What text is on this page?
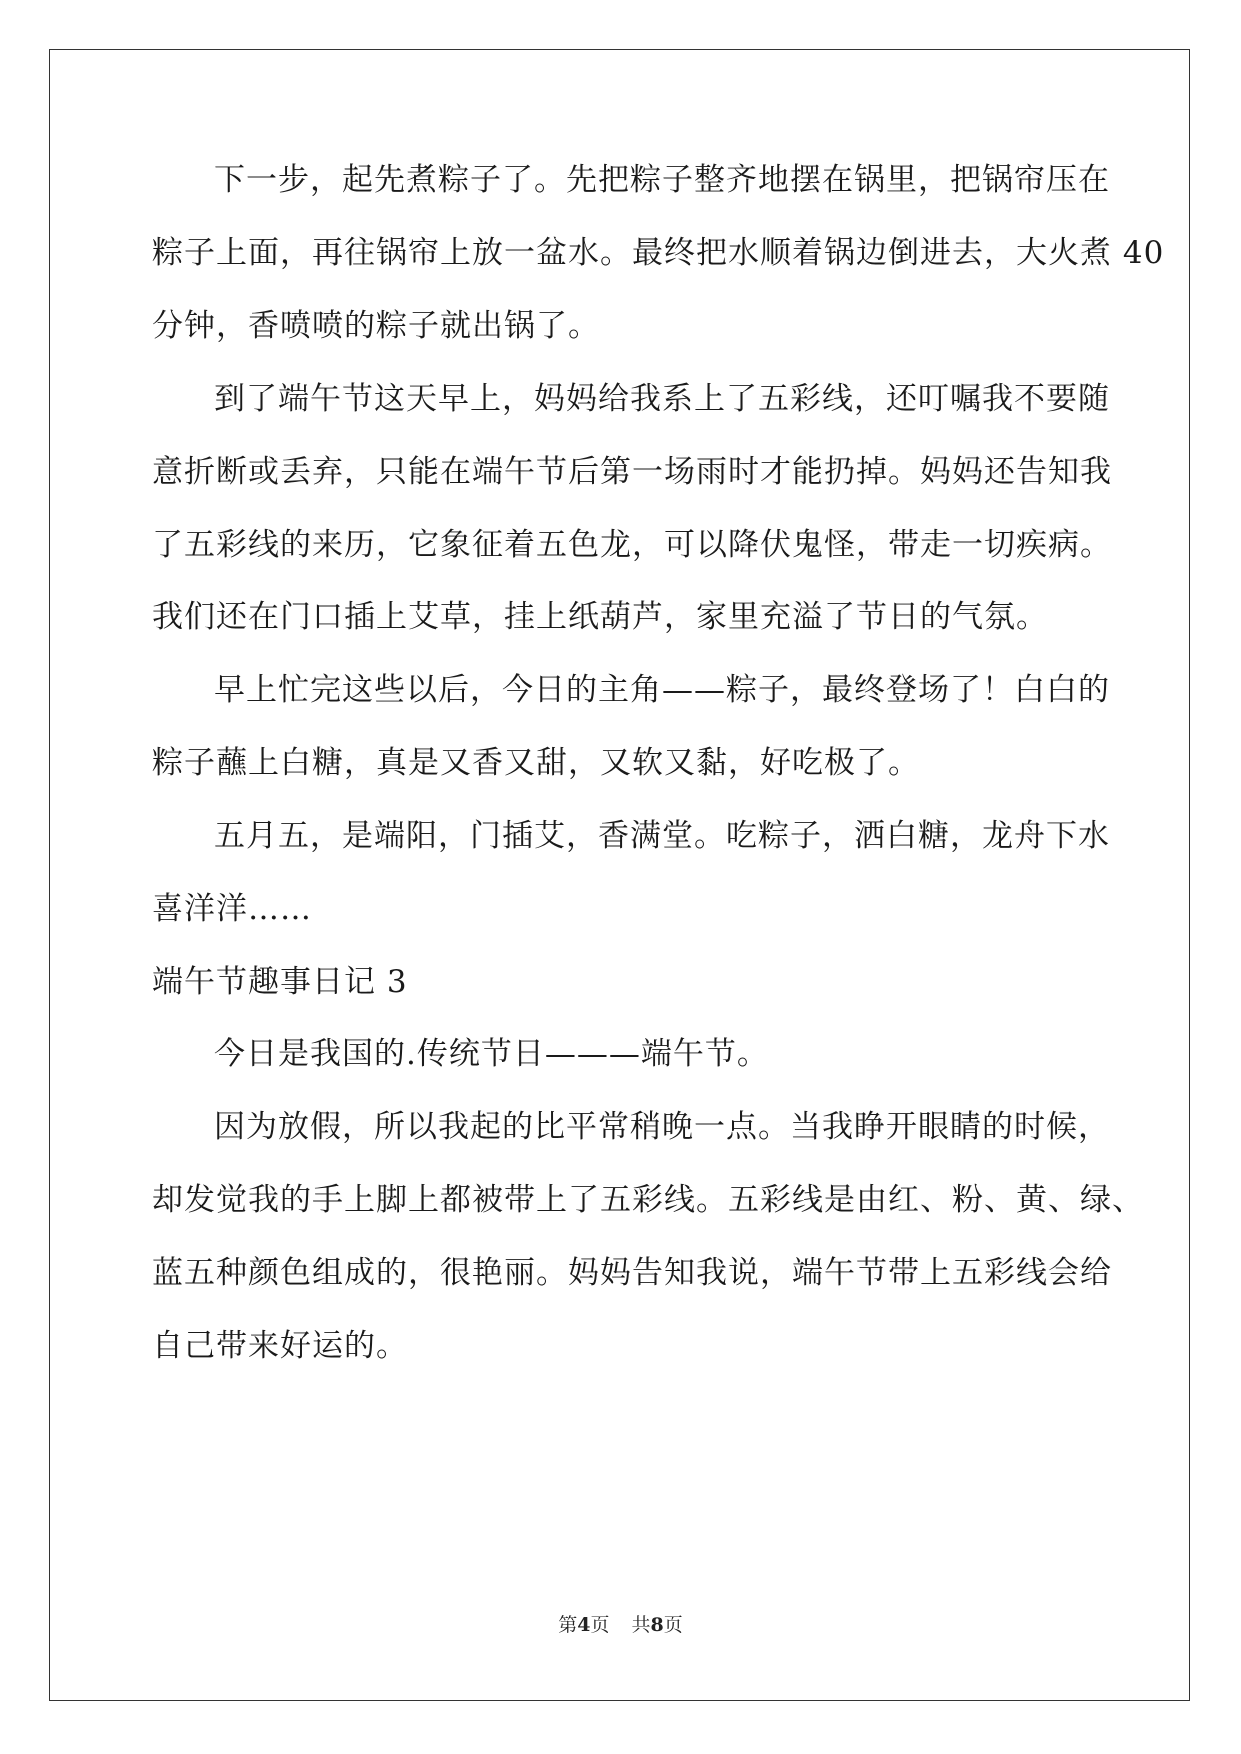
下一步，起先煮粽子了。先把粽子整齐地摆在锅里，把锅帘压在
粽子上面，再往锅帘上放一盆水。最终把水顺着锅边倒进去，大火煮 40
分钟，香喷喷的粽子就出锅了。
到了端午节这天早上，妈妈给我系上了五彩线，还叮嘱我不要随
意折断或丢弃，只能在端午节后第一场雨时才能扔掉。妈妈还告知我
了五彩线的来历，它象征着五色龙，可以降伏鬼怪，带走一切疾病。
我们还在门口插上艾草，挂上纸葫芦，家里充溢了节日的气氛。
早上忙完这些以后，今日的主角——粽子，最终登场了！白白的
粽子蘸上白糖，真是又香又甜，又软又黏，好吃极了。
五月五，是端阳，门插艾，香满堂。吃粽子，洒白糖，龙舟下水
喜洋洋……
端午节趣事日记 3
今日是我国的.传统节日———端午节。
因为放假，所以我起的比平常稍晚一点。当我睁开眼睛的时候，
却发觉我的手上脚上都被带上了五彩线。五彩线是由红、粉、黄、绿、
蓝五种颜色组成的，很艳丽。妈妈告知我说，端午节带上五彩线会给
自己带来好运的。
第4页 共8页
